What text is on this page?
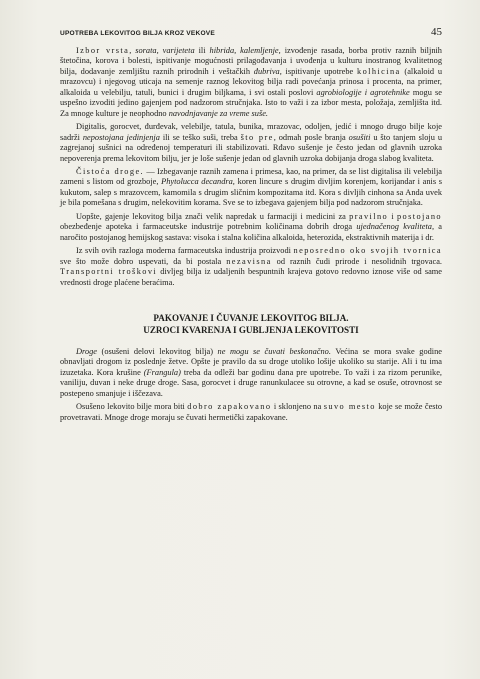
UPOTREBA LEKOVITOG BILJA KROZ VEKOVE	45

Izbor vrsta, sorata, varijeteta ili hibrida, kalemljenje, izvođenje rasada, borba protiv raznih biljnih štetočina, korova i bolesti, ispitivanje mogućnosti prilagođavanja i uvođenja u kulturu inostranog kvalitetnog bilja, dodavanje zemljištu raznih prirodnih i veštačkih đubriva, ispitivanje upotrebe kolhicina (alkaloid u mrazovcu) i njegovog uticaja na semenje raznog lekovitog bilja radi povećanja prinosa i procenta, na primer, alkaloida u velebilju, tatuli, bunici i drugim biljkama, i svi ostali poslovi agrobiologije i agrotehnike mogu se uspešno izvoditi jedino gajenjem pod nadzorom stručnjaka. Isto to važi i za izbor mesta, položaja, zemljišta itd. Za mnoge kulture je neophodno navodnjavanje za vreme suše.

Digitalis, gorocvet, đurđevak, velebilje, tatula, bunika, mrazovac, odoljen, jedić i mnogo drugo bilje koje sadrži nepostojana jedinjenja ili se teško suši, treba što pre, odmah posle branja osušiti u što tanjem sloju u zagrejanoj sušnici na određenoj temperaturi ili stabilizovati. Rđavo sušenje je često jedan od glavnih uzroka nepoverenja prema lekovitom bilju, jer je loše sušenje jedan od glavnih uzroka dobijanja droga slabog kvaliteta.

Čistoća droge. — Izbegavanje raznih zamena i primesa, kao, na primer, da se list digitalisa ili velebilja zameni s listom od grozboje, Phytolucca decandra, koren lincure s drugim divljim korenjem, korijandar i anis s kukutom, salep s mrazovcem, kamomila s drugim sličnim kompozitama itd. Kora s divljih cinhona sa Anda uvek je bila pomešana s drugim, nelekovitim korama. Sve se to izbegava gajenjem bilja pod nadzorom stručnjaka.

Uopšte, gajenje lekovitog bilja znači velik napredak u farmaciji i medicini za pravilno i postojano obezbeđenje apoteka i farmaceutske industrije potrebnim količinama dobrih droga ujednačenog kvaliteta, a naročito postojanog hemijskog sastava: visoka i stalna količina alkaloida, heterozida, ekstraktivnih materija i dr.

Iz svih ovih razloga moderna farmaceutska industrija proizvodi neposredno oko svojih tvornica sve što može dobro uspevati, da bi postala nezavisna od raznih čudi prirode i nesolidnih trgovaca. Transportni troškovi divljeg bilja iz udaljenih bespuntnih krajeva gotovo redovno iznose više od same vrednosti droge plaćene beraćima.

PAKOVANJE I ČUVANJE LEKOVITOG BILJA.
UZROCI KVARENJA I GUBLJENJA LEKOVITOSTI

Droge (osušeni delovi lekovitog bilja) ne mogu se čuvati beskonačno. Većina se mora svake godine obnavljati drogom iz poslednje žetve. Opšte je pravilo da su droge utoliko lošije ukoliko su starije. Ali i tu ima izuzetaka. Kora krušine (Frangula) treba da odleži bar godinu dana pre upotrebe. To važi i za rizom perunike, vaniliju, duvan i neke druge droge. Sasa, gorocvet i druge ranunkulacee su otrovne, a kad se osuše, otrovnost se postepeno smanjuje i iščezava.

Osušeno lekovito bilje mora biti dobro zapakovano i sklonjeno na suvo mesto koje se može često provetravati. Mnoge droge moraju se čuvati hermetički zapakovane.
